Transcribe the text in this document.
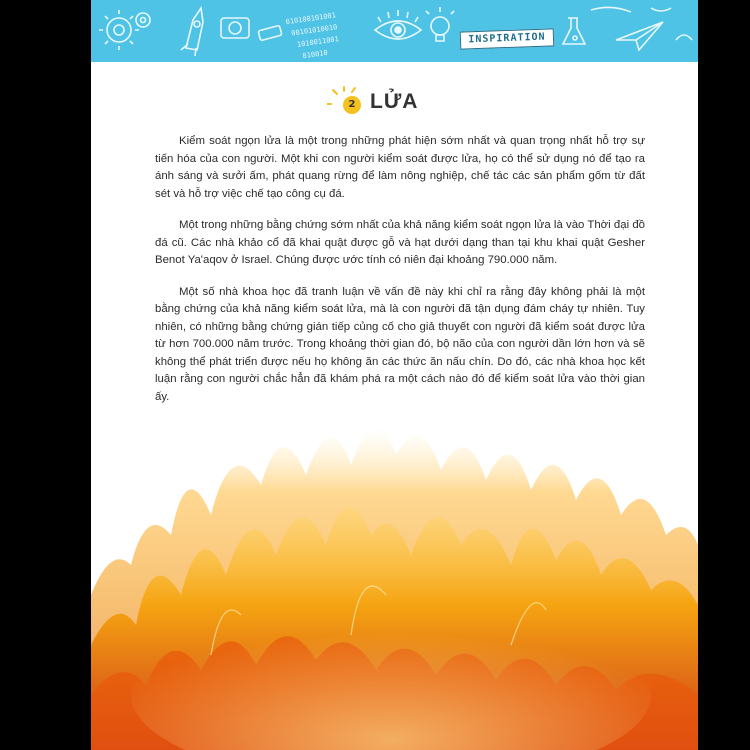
010100101001
00101010010
1010011001
010010
INSPIRATION
2 LỬA

Kiểm soát ngọn lửa là một trong những phát hiện sớm nhất và quan trọng nhất hỗ trợ sự tiến hóa của con người. Một khi con người kiểm soát được lửa, họ có thể sử dụng nó để tạo ra ánh sáng và sưởi ấm, phát quang rừng để làm nông nghiệp, chế tác các sản phẩm gốm từ đất sét và hỗ trợ việc chế tạo công cụ đá.

Một trong những bằng chứng sớm nhất của khả năng kiểm soát ngọn lửa là vào Thời đại đồ đá cũ. Các nhà khảo cổ đã khai quật được gỗ và hạt dưới dạng than tại khu khai quật Gesher Benot Ya'aqov ở Israel. Chúng được ước tính có niên đại khoảng 790.000 năm.

Một số nhà khoa học đã tranh luận về vấn đề này khi chỉ ra rằng đây không phải là một bằng chứng của khả năng kiểm soát lửa, mà là con người đã tận dụng đám cháy tự nhiên. Tuy nhiên, có những bằng chứng gián tiếp củng cố cho giả thuyết con người đã kiểm soát được lửa từ hơn 700.000 năm trước. Trong khoảng thời gian đó, bộ não của con người dần lớn hơn và sẽ không thể phát triển được nếu họ không ăn các thức ăn nấu chín. Do đó, các nhà khoa học kết luận rằng con người chắc hẳn đã khám phá ra một cách nào đó để kiểm soát lửa vào thời gian ấy.
